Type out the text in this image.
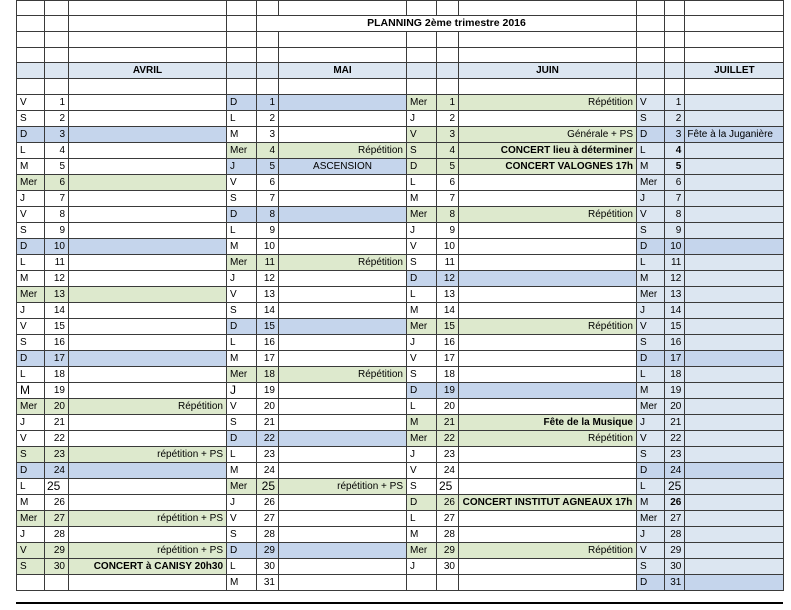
				PLANNING 2ème trimestre 2016							

		AVRIL			MAI			JUIN			JUILLET

V	1		D	1		Mer	1	Répétition	V	1	
S	2		L	2		J	2		S	2	
D	3		M	3		V	3	Générale + PS	D	3	Fête à la Juganière
L	4		Mer	4	Répétition	S	4	CONCERT lieu à déterminer	L	4	
M	5		J	5	ASCENSION	D	5	CONCERT VALOGNES 17h	M	5	
Mer	6		V	6		L	6		Mer	6	
J	7		S	7		M	7		J	7	
V	8		D	8		Mer	8	Répétition	V	8	
S	9		L	9		J	9		S	9	
D	10		M	10		V	10		D	10	
L	11		Mer	11	Répétition	S	11		L	11	
M	12		J	12		D	12		M	12	
Mer	13		V	13		L	13		Mer	13	
J	14		S	14		M	14		J	14	
V	15		D	15		Mer	15	Répétition	V	15	
S	16		L	16		J	16		S	16	
D	17		M	17		V	17		D	17	
L	18		Mer	18	Répétition	S	18		L	18	
M	19		J	19		D	19		M	19	
Mer	20	Répétition	V	20		L	20		Mer	20	
J	21		S	21		M	21	Fête de la Musique	J	21	
V	22		D	22		Mer	22	Répétition	V	22	
S	23	répétition + PS	L	23		J	23		S	23	
D	24		M	24		V	24		D	24	
L	25		Mer	25	répétition + PS	S	25		L	25	
M	26		J	26		D	26	CONCERT INSTITUT AGNEAUX 17h	M	26	
Mer	27	répétition + PS	V	27		L	27		Mer	27	
J	28		S	28		M	28		J	28	
V	29	répétition + PS	D	29		Mer	29	Répétition	V	29	
S	30	CONCERT à CANISY 20h30	L	30		J	30		S	30	
			M	31					D	31	
